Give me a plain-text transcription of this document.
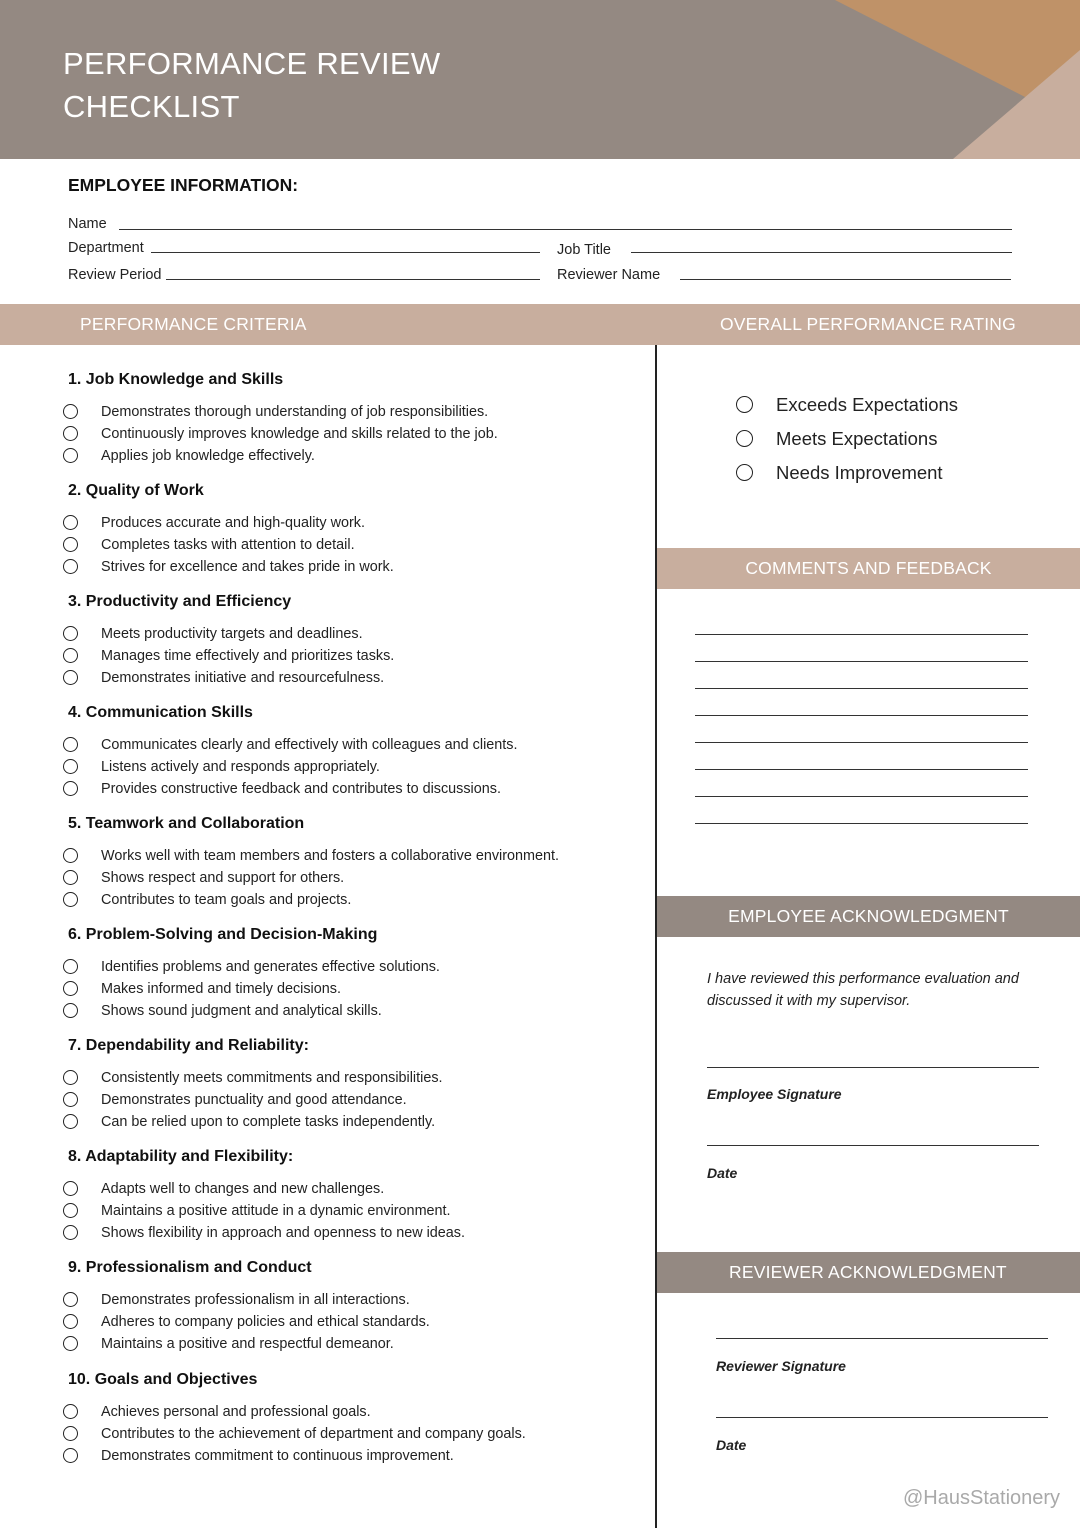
PERFORMANCE REVIEW
CHECKLIST
EMPLOYEE INFORMATION:
Name
Department	Job Title
Review Period	Reviewer Name
PERFORMANCE CRITERIA	OVERALL PERFORMANCE RATING
1. Job Knowledge and Skills
Demonstrates thorough understanding of job responsibilities.
Continuously improves knowledge and skills related to the job.
Applies job knowledge effectively.
2. Quality of Work
Produces accurate and high-quality work.
Completes tasks with attention to detail.
Strives for excellence and takes pride in work.
3. Productivity and Efficiency
Meets productivity targets and deadlines.
Manages time effectively and prioritizes tasks.
Demonstrates initiative and resourcefulness.
4. Communication Skills
Communicates clearly and effectively with colleagues and clients.
Listens actively and responds appropriately.
Provides constructive feedback and contributes to discussions.
5. Teamwork and Collaboration
Works well with team members and fosters a collaborative environment.
Shows respect and support for others.
Contributes to team goals and projects.
6. Problem-Solving and Decision-Making
Identifies problems and generates effective solutions.
Makes informed and timely decisions.
Shows sound judgment and analytical skills.
7. Dependability and Reliability:
Consistently meets commitments and responsibilities.
Demonstrates punctuality and good attendance.
Can be relied upon to complete tasks independently.
8. Adaptability and Flexibility:
Adapts well to changes and new challenges.
Maintains a positive attitude in a dynamic environment.
Shows flexibility in approach and openness to new ideas.
9. Professionalism and Conduct
Demonstrates professionalism in all interactions.
Adheres to company policies and ethical standards.
Maintains a positive and respectful demeanor.
10. Goals and Objectives
Achieves personal and professional goals.
Contributes to the achievement of department and company goals.
Demonstrates commitment to continuous improvement.
Exceeds Expectations
Meets Expectations
Needs Improvement
COMMENTS AND FEEDBACK
EMPLOYEE ACKNOWLEDGMENT
I have reviewed this performance evaluation and discussed it with my supervisor.
Employee Signature
Date
REVIEWER ACKNOWLEDGMENT
Reviewer Signature
Date
@HausStationery
